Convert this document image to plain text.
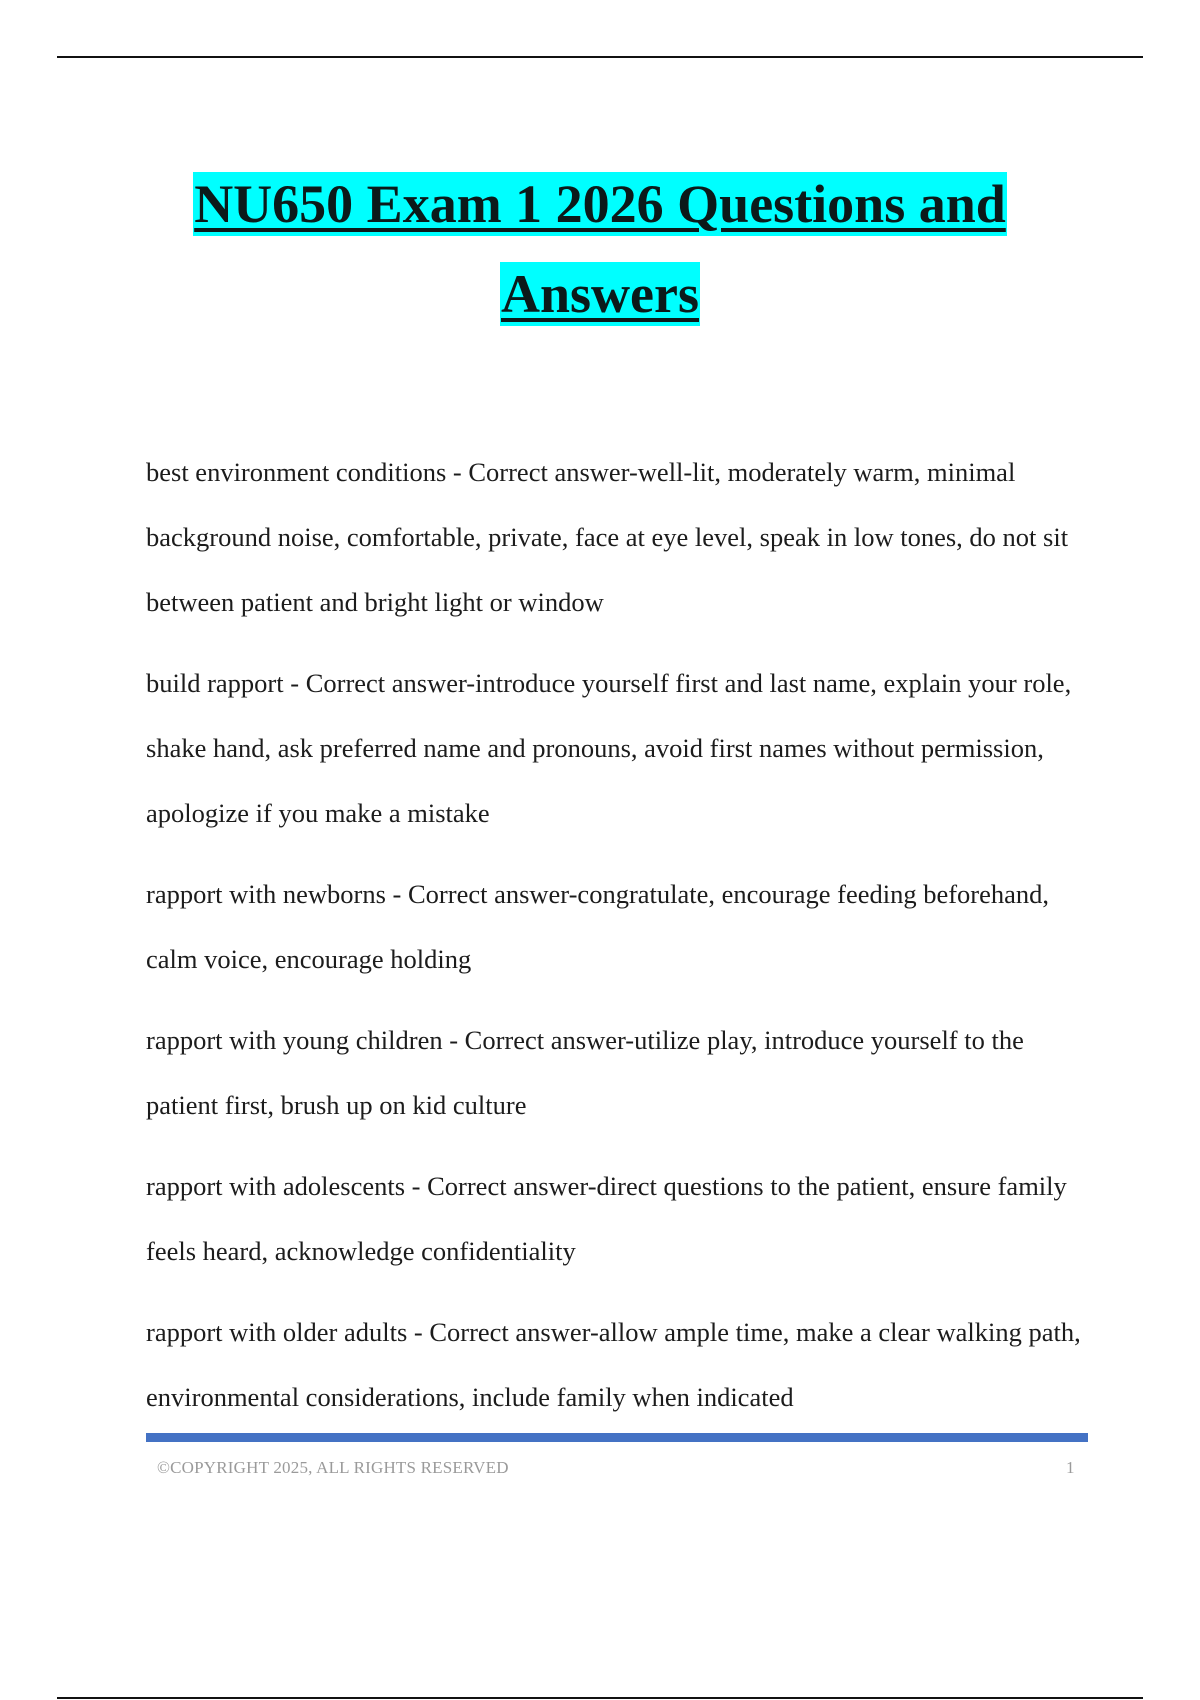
NU650 Exam 1 2026 Questions and
Answers

best environment conditions - Correct answer-well-lit, moderately warm, minimal background noise, comfortable, private, face at eye level, speak in low tones, do not sit between patient and bright light or window

build rapport - Correct answer-introduce yourself first and last name, explain your role, shake hand, ask preferred name and pronouns, avoid first names without permission, apologize if you make a mistake

rapport with newborns - Correct answer-congratulate, encourage feeding beforehand, calm voice, encourage holding

rapport with young children - Correct answer-utilize play, introduce yourself to the patient first, brush up on kid culture

rapport with adolescents - Correct answer-direct questions to the patient, ensure family feels heard, acknowledge confidentiality

rapport with older adults - Correct answer-allow ample time, make a clear walking path, environmental considerations, include family when indicated

©COPYRIGHT 2025, ALL RIGHTS RESERVED	1
